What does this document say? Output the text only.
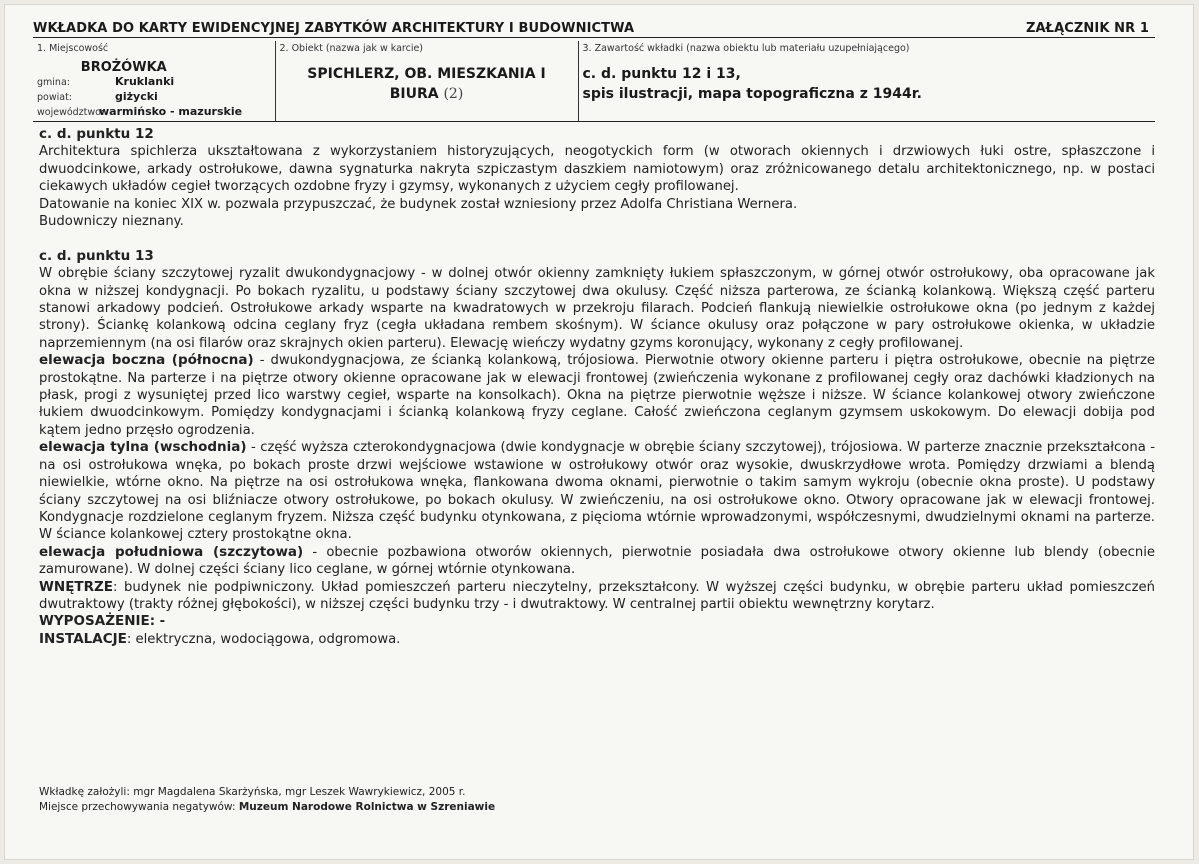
WKŁADKA DO KARTY EWIDENCYJNEJ ZABYTKÓW ARCHITEKTURY I BUDOWNICTWA	ZAŁĄCZNIK NR 1
1. Miejscowość
BROŻÓWKA
gmina:	Kruklanki
powiat:	giżycki
województwo:warmińsko - mazurskie

2. Obiekt (nazwa jak w karcie)
SPICHLERZ, OB. MIESZKANIA I
BIURA (2)

3. Zawartość wkładki (nazwa obiektu lub materiału uzupełniającego)
c. d. punktu 12 i 13,
spis ilustracji, mapa topograficzna z 1944r.
c. d. punktu 12

Architektura spichlerza ukształtowana z wykorzystaniem historyzujących, neogotyckich form (w otworach okiennych i drzwiowych łuki ostre, spłaszczone i dwuodcinkowe, arkady ostrołukowe, dawna sygnaturka nakryta szpiczastym daszkiem namiotowym) oraz zróżnicowanego detalu architektonicznego, np. w postaci ciekawych układów cegieł tworzących ozdobne fryzy i gzymsy, wykonanych z użyciem cegły profilowanej.

Datowanie na koniec XIX w. pozwala przypuszczać, że budynek został wzniesiony przez Adolfa Christiana Wernera.

Budowniczy nieznany.

c. d. punktu 13

W obrębie ściany szczytowej ryzalit dwukondygnacjowy - w dolnej otwór okienny zamknięty łukiem spłaszczonym, w górnej otwór ostrołukowy, oba opracowane jak okna w niższej kondygnacji. Po bokach ryzalitu, u podstawy ściany szczytowej dwa okulusy. Część niższa parterowa, ze ścianką kolankową. Większą część parteru stanowi arkadowy podcień. Ostrołukowe arkady wsparte na kwadratowych w przekroju filarach. Podcień flankują niewielkie ostrołukowe okna (po jednym z każdej strony). Ściankę kolankową odcina ceglany fryz (cegła układana rembem skośnym). W ściance okulusy oraz połączone w pary ostrołukowe okienka, w układzie naprzemiennym (na osi filarów oraz skrajnych okien parteru). Elewację wieńczy wydatny gzyms koronujący, wykonany z cegły profilowanej.

elewacja boczna (północna) - dwukondygnacjowa, ze ścianką kolankową, trójosiowa. Pierwotnie otwory okienne parteru i piętra ostrołukowe, obecnie na piętrze prostokątne. Na parterze i na piętrze otwory okienne opracowane jak w elewacji frontowej (zwieńczenia wykonane z profilowanej cegły oraz dachówki kładzionych na płask, progi z wysuniętej przed lico warstwy cegieł, wsparte na konsolkach). Okna na piętrze pierwotnie węższe i niższe. W ściance kolankowej otwory zwieńczone łukiem dwuodcinkowym. Pomiędzy kondygnacjami i ścianką kolankową fryzy ceglane. Całość zwieńczona ceglanym gzymsem uskokowym. Do elewacji dobija pod kątem jedno przęsło ogrodzenia.

elewacja tylna (wschodnia) - część wyższa czterokondygnacjowa (dwie kondygnacje w obrębie ściany szczytowej), trójosiowa. W parterze znacznie przekształcona - na osi ostrołukowa wnęka, po bokach proste drzwi wejściowe wstawione w ostrołukowy otwór oraz wysokie, dwuskrzydłowe wrota. Pomiędzy drzwiami a blendą niewielkie, wtórne okno. Na piętrze na osi ostrołukowa wnęka, flankowana dwoma oknami, pierwotnie o takim samym wykroju (obecnie okna proste). U podstawy ściany szczytowej na osi bliźniacze otwory ostrołukowe, po bokach okulusy. W zwieńczeniu, na osi ostrołukowe okno. Otwory opracowane jak w elewacji frontowej. Kondygnacje rozdzielone ceglanym fryzem. Niższa część budynku otynkowana, z pięcioma wtórnie wprowadzonymi, współczesnymi, dwudzielnymi oknami na parterze. W ściance kolankowej cztery prostokątne okna.

elewacja południowa (szczytowa) - obecnie pozbawiona otworów okiennych, pierwotnie posiadała dwa ostrołukowe otwory okienne lub blendy (obecnie zamurowane). W dolnej części ściany lico ceglane, w górnej wtórnie otynkowana.

WNĘTRZE: budynek nie podpiwniczony. Układ pomieszczeń parteru nieczytelny, przekształcony. W wyższej części budynku, w obrębie parteru układ pomieszczeń dwutraktowy (trakty różnej głębokości), w niższej części budynku trzy - i dwutraktowy. W centralnej partii obiektu wewnętrzny korytarz.

WYPOSAŻENIE: -

INSTALACJE: elektryczna, wodociągowa, odgromowa.

Wkładkę założyli: mgr Magdalena Skarżyńska, mgr Leszek Wawrykiewicz, 2005 r.
Miejsce przechowywania negatywów: Muzeum Narodowe Rolnictwa w Szreniawie
